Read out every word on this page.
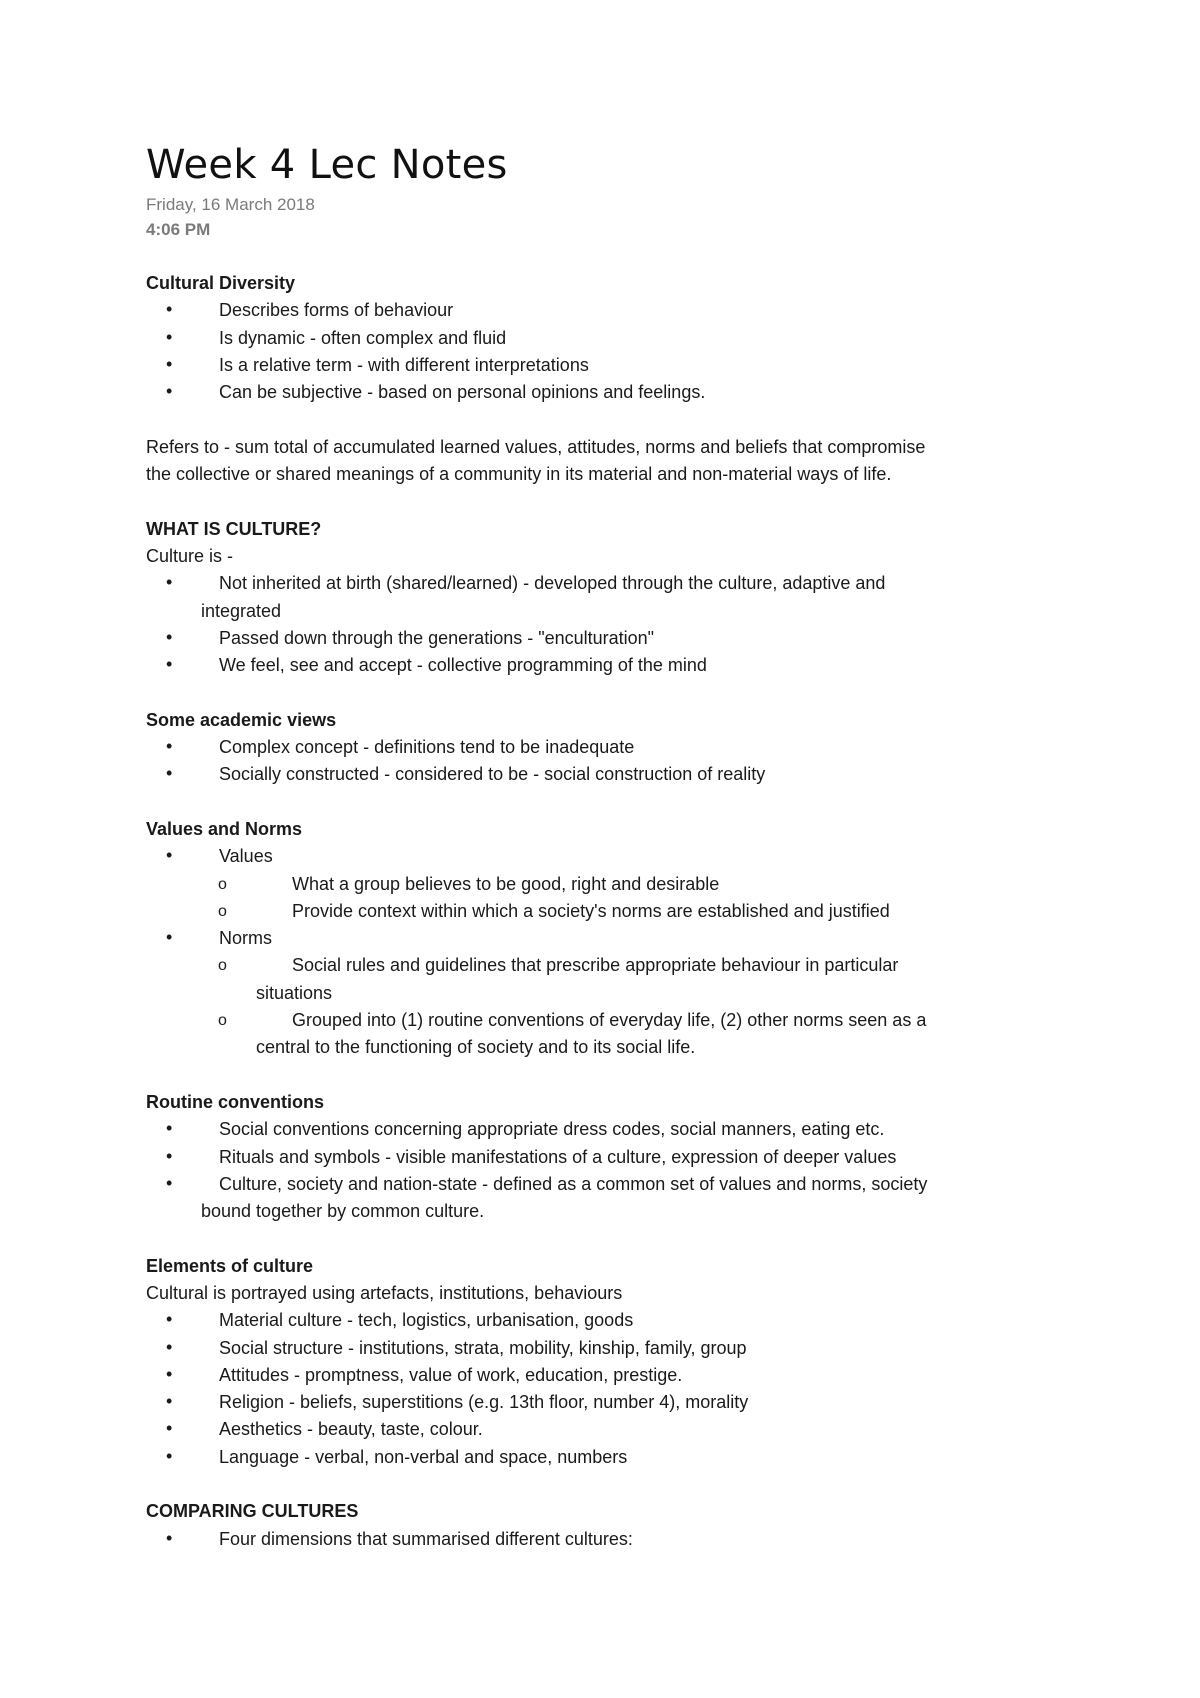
Week 4 Lec Notes
Friday, 16 March 2018
4:06 PM
Cultural Diversity
•	Describes forms of behaviour
•	Is dynamic - often complex and fluid
•	Is a relative term - with different interpretations
•	Can be subjective - based on personal opinions and feelings.
Refers to - sum total of accumulated learned values, attitudes, norms and beliefs that compromise
the collective or shared meanings of a community in its material and non-material ways of life.
WHAT IS CULTURE?
Culture is -
•	Not inherited at birth (shared/learned) - developed through the culture, adaptive and
integrated
•	Passed down through the generations - "enculturation"
•	We feel, see and accept - collective programming of the mind
Some academic views
•	Complex concept - definitions tend to be inadequate
•	Socially constructed - considered to be - social construction of reality
Values and Norms
•	Values
o	What a group believes to be good, right and desirable
o	Provide context within which a society's norms are established and justified
•	Norms
o	Social rules and guidelines that prescribe appropriate behaviour in particular
situations
o	Grouped into (1) routine conventions of everyday life, (2) other norms seen as a
central to the functioning of society and to its social life.
Routine conventions
•	Social conventions concerning appropriate dress codes, social manners, eating etc.
•	Rituals and symbols - visible manifestations of a culture, expression of deeper values
•	Culture, society and nation-state - defined as a common set of values and norms, society
bound together by common culture.
Elements of culture
Cultural is portrayed using artefacts, institutions, behaviours
•	Material culture - tech, logistics, urbanisation, goods
•	Social structure - institutions, strata, mobility, kinship, family, group
•	Attitudes - promptness, value of work, education, prestige.
•	Religion - beliefs, superstitions (e.g. 13th floor, number 4), morality
•	Aesthetics - beauty, taste, colour.
•	Language - verbal, non-verbal and space, numbers
COMPARING CULTURES
•	Four dimensions that summarised different cultures:
